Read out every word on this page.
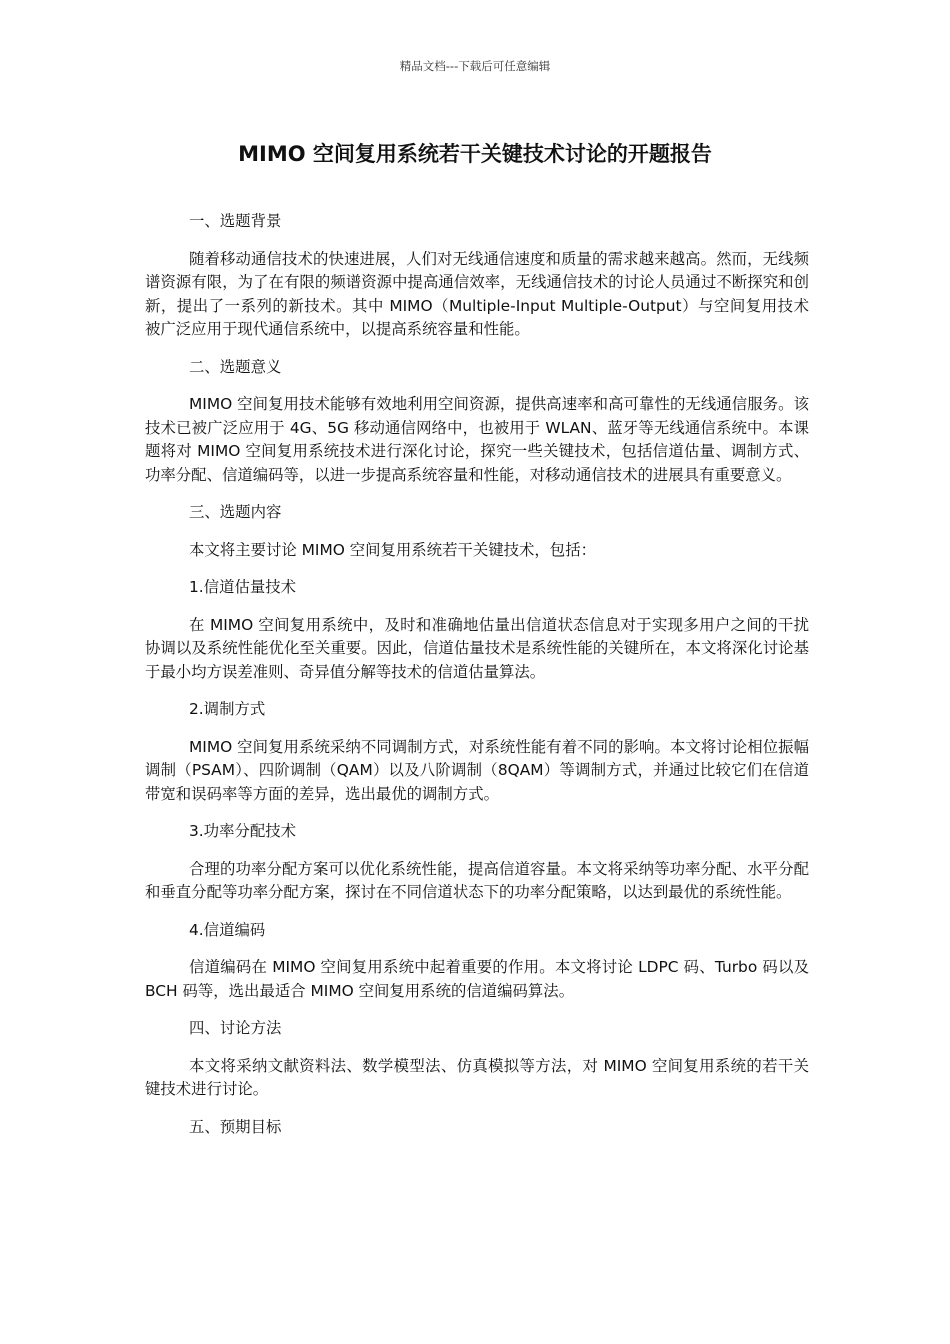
精品文档---下载后可任意编辑
MIMO 空间复用系统若干关键技术讨论的开题报告

一、选题背景

随着移动通信技术的快速进展，人们对无线通信速度和质量的需求越来越高。然而，无线频谱资源有限，为了在有限的频谱资源中提高通信效率，无线通信技术的讨论人员通过不断探究和创新，提出了一系列的新技术。其中 MIMO（Multiple-Input Multiple-Output）与空间复用技术被广泛应用于现代通信系统中，以提高系统容量和性能。

二、选题意义

MIMO 空间复用技术能够有效地利用空间资源，提供高速率和高可靠性的无线通信服务。该技术已被广泛应用于 4G、5G 移动通信网络中，也被用于 WLAN、蓝牙等无线通信系统中。本课题将对 MIMO 空间复用系统技术进行深化讨论，探究一些关键技术，包括信道估量、调制方式、功率分配、信道编码等，以进一步提高系统容量和性能，对移动通信技术的进展具有重要意义。

三、选题内容

本文将主要讨论 MIMO 空间复用系统若干关键技术，包括：

1.信道估量技术

在 MIMO 空间复用系统中，及时和准确地估量出信道状态信息对于实现多用户之间的干扰协调以及系统性能优化至关重要。因此，信道估量技术是系统性能的关键所在，本文将深化讨论基于最小均方误差准则、奇异值分解等技术的信道估量算法。

2.调制方式

MIMO 空间复用系统采纳不同调制方式，对系统性能有着不同的影响。本文将讨论相位振幅调制（PSAM）、四阶调制（QAM）以及八阶调制（8QAM）等调制方式，并通过比较它们在信道带宽和误码率等方面的差异，选出最优的调制方式。

3.功率分配技术

合理的功率分配方案可以优化系统性能，提高信道容量。本文将采纳等功率分配、水平分配和垂直分配等功率分配方案，探讨在不同信道状态下的功率分配策略，以达到最优的系统性能。

4.信道编码

信道编码在 MIMO 空间复用系统中起着重要的作用。本文将讨论 LDPC 码、Turbo 码以及 BCH 码等，选出最适合 MIMO 空间复用系统的信道编码算法。

四、讨论方法

本文将采纳文献资料法、数学模型法、仿真模拟等方法，对 MIMO 空间复用系统的若干关键技术进行讨论。

五、预期目标
